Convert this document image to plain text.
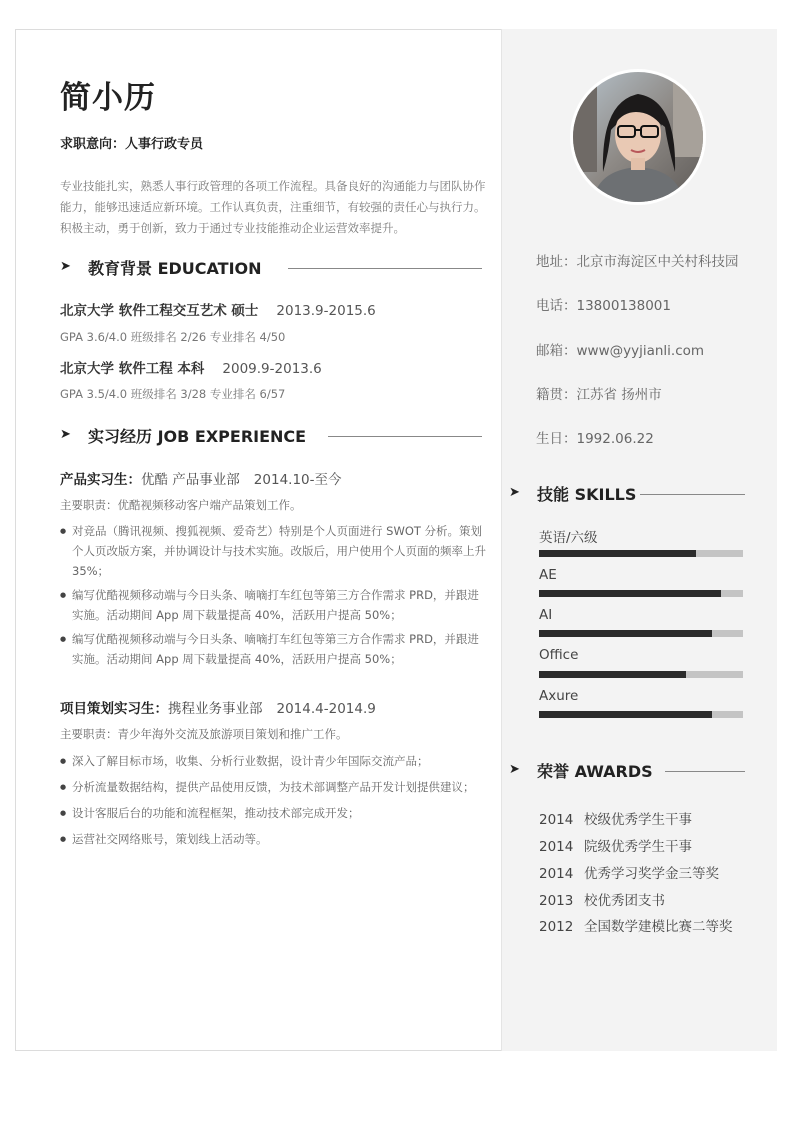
简小历
求职意向：人事行政专员
专业技能扎实，熟悉人事行政管理的各项工作流程。具备良好的沟通能力与团队协作能力，能够迅速适应新环境。工作认真负责，注重细节，有较强的责任心与执行力。积极主动，勇于创新，致力于通过专业技能推动企业运营效率提升。
➤ 教育背景 EDUCATION
北京大学 软件工程交互艺术 硕士 2013.9-2015.6
GPA 3.6/4.0 班级排名 2/26 专业排名 4/50
北京大学 软件工程 本科 2009.9-2013.6
GPA 3.5/4.0 班级排名 3/28 专业排名 6/57
➤ 实习经历 JOB EXPERIENCE
产品实习生：优酷 产品事业部 2014.10-至今
主要职责：优酷视频移动客户端产品策划工作。
● 对竞品（腾讯视频、搜狐视频、爱奇艺）特别是个人页面进行 SWOT 分析。策划个人页改版方案，并协调设计与技术实施。改版后，用户使用个人页面的频率上升 35%；
● 编写优酷视频移动端与今日头条、嘀嘀打车红包等第三方合作需求 PRD，并跟进实施。活动期间 App 周下载量提高 40%，活跃用户提高 50%；
● 编写优酷视频移动端与今日头条、嘀嘀打车红包等第三方合作需求 PRD，并跟进实施。活动期间 App 周下载量提高 40%，活跃用户提高 50%；
项目策划实习生：携程业务事业部 2014.4-2014.9
主要职责：青少年海外交流及旅游项目策划和推广工作。
● 深入了解目标市场，收集、分析行业数据，设计青少年国际交流产品；
● 分析流量数据结构，提供产品使用反馈，为技术部调整产品开发计划提供建议；
● 设计客服后台的功能和流程框架，推动技术部完成开发；
● 运营社交网络账号，策划线上活动等。
地址：北京市海淀区中关村科技园
电话：13800138001
邮箱：www@yyjianli.com
籍贯：江苏省 扬州市
生日：1992.06.22
➤ 技能 SKILLS
英语/六级
AE
AI
Office
Axure
➤ 荣誉 AWARDS
2014 校级优秀学生干事
2014 院级优秀学生干事
2014 优秀学习奖学金三等奖
2013 校优秀团支书
2012 全国数学建模比赛二等奖
